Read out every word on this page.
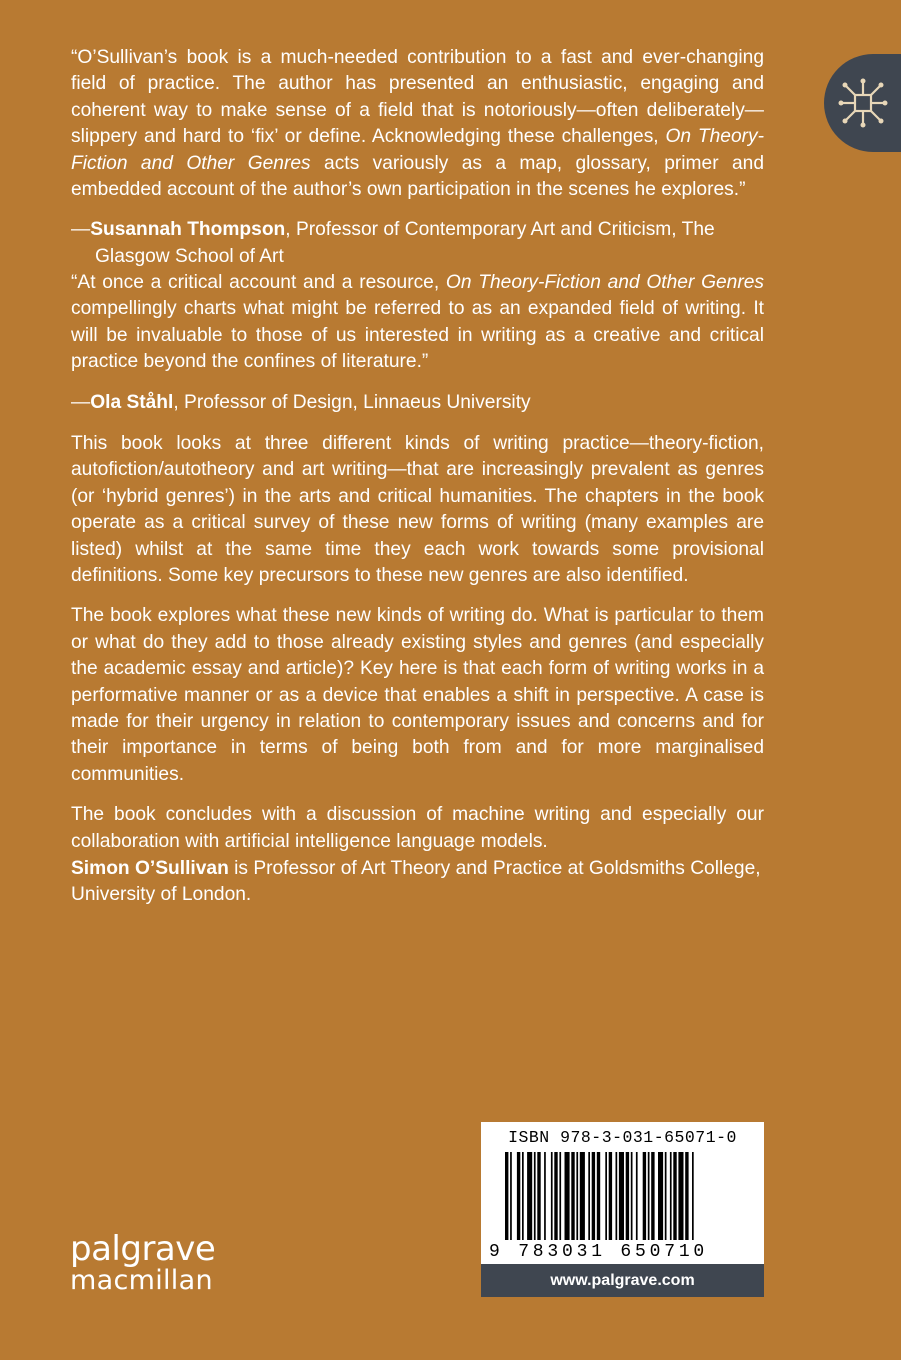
“O’Sullivan’s book is a much-needed contribution to a fast and ever-changing field of practice. The author has presented an enthusiastic, engaging and coherent way to make sense of a field that is notoriously—often deliberately—slippery and hard to ‘fix’ or define. Acknowledging these challenges, On Theory-Fiction and Other Genres acts variously as a map, glossary, primer and embedded account of the author’s own participation in the scenes he explores.”

—Susannah Thompson, Professor of Contemporary Art and Criticism, The Glasgow School of Art

“At once a critical account and a resource, On Theory-Fiction and Other Genres compellingly charts what might be referred to as an expanded field of writing. It will be invaluable to those of us interested in writing as a creative and critical practice beyond the confines of literature.”

—Ola Ståhl, Professor of Design, Linnaeus University

This book looks at three different kinds of writing practice—theory-fiction, autofiction/autotheory and art writing—that are increasingly prevalent as genres (or ‘hybrid genres’) in the arts and critical humanities. The chapters in the book operate as a critical survey of these new forms of writing (many examples are listed) whilst at the same time they each work towards some provisional definitions. Some key precursors to these new genres are also identified.

The book explores what these new kinds of writing do. What is particular to them or what do they add to those already existing styles and genres (and especially the academic essay and article)? Key here is that each form of writing works in a performative manner or as a device that enables a shift in perspective. A case is made for their urgency in relation to contemporary issues and concerns and for their importance in terms of being both from and for more marginalised communities.

The book concludes with a discussion of machine writing and especially our collaboration with artificial intelligence language models.

Simon O’Sullivan is Professor of Art Theory and Practice at Goldsmiths College, University of London.

palgrave
macmillan
ISBN 978-3-031-65071-0
9 783031 650710
www.palgrave.com
